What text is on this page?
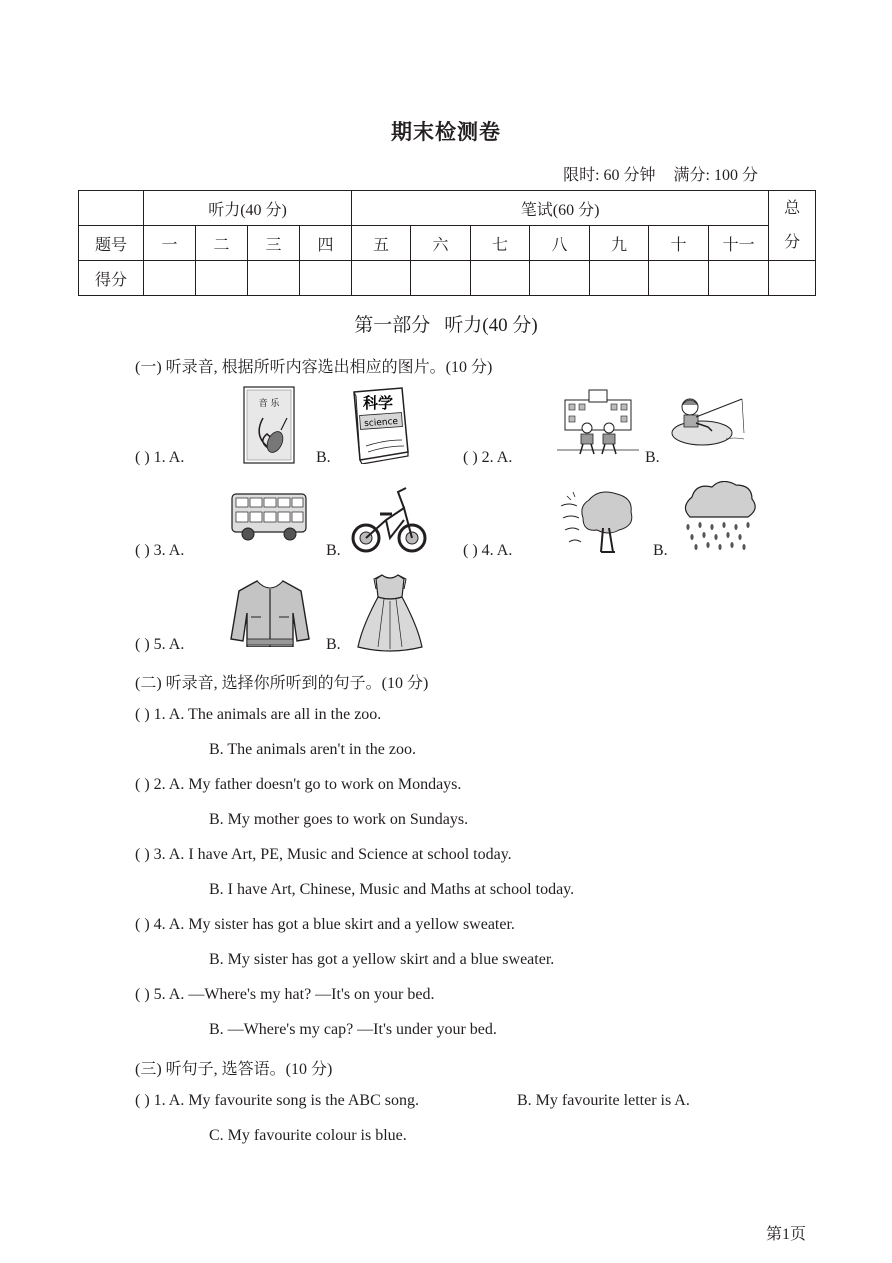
期末检测卷
限时: 60 分钟 满分: 100 分
	听力(40 分)				笔试(60 分)							总
分
题号	一	二	三	四	五	六	七	八	九	十	十一	
得分												
第一部分 听力(40 分)
(一) 听录音, 根据所听内容选出相应的图片。(10 分)
( ) 1. A.
音 乐
B.
科学
science
( ) 2. A.	B.
( ) 3. A.	B.	( ) 4. A.	B.
( ) 5. A.	B.
(二) 听录音, 选择你所听到的句子。(10 分)
( ) 1. A. The animals are all in the zoo.
B. The animals aren't in the zoo.
( ) 2. A. My father doesn't go to work on Mondays.
B. My mother goes to work on Sundays.
( ) 3. A. I have Art, PE, Music and Science at school today.
B. I have Art, Chinese, Music and Maths at school today.
( ) 4. A. My sister has got a blue skirt and a yellow sweater.
B. My sister has got a yellow skirt and a blue sweater.
( ) 5. A. —Where's my hat? —It's on your bed.
B. —Where's my cap? —It's under your bed.
(三) 听句子, 选答语。(10 分)
( ) 1. A. My favourite song is the ABC song.	B. My favourite letter is A.
C. My favourite colour is blue.
第1页
